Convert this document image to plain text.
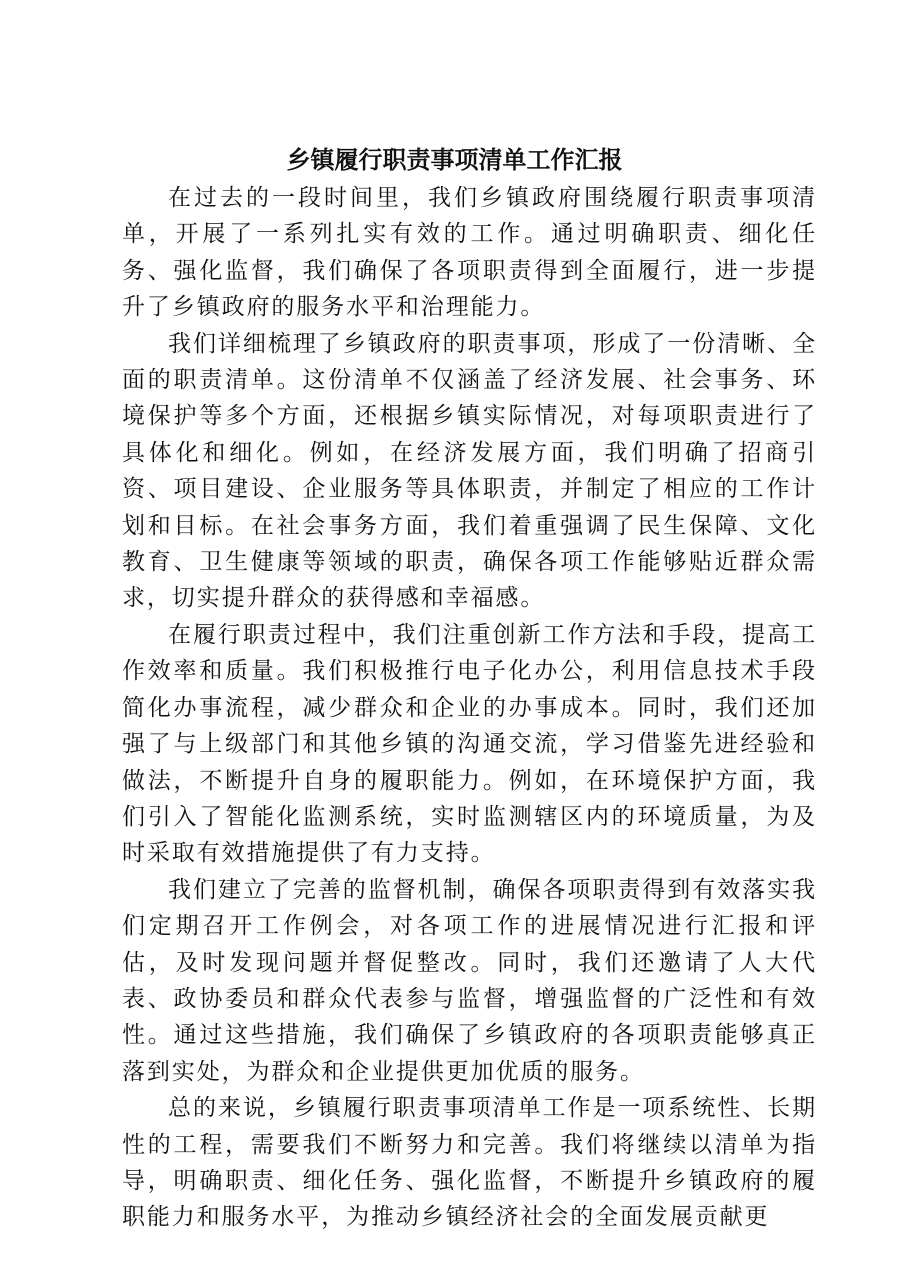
乡镇履行职责事项清单工作汇报

在过去的一段时间里，我们乡镇政府围绕履行职责事项清单，开展了一系列扎实有效的工作。通过明确职责、细化任务、强化监督，我们确保了各项职责得到全面履行，进一步提升了乡镇政府的服务水平和治理能力。

我们详细梳理了乡镇政府的职责事项，形成了一份清晰、全面的职责清单。这份清单不仅涵盖了经济发展、社会事务、环境保护等多个方面，还根据乡镇实际情况，对每项职责进行了具体化和细化。例如，在经济发展方面，我们明确了招商引资、项目建设、企业服务等具体职责，并制定了相应的工作计划和目标。在社会事务方面，我们着重强调了民生保障、文化教育、卫生健康等领域的职责，确保各项工作能够贴近群众需求，切实提升群众的获得感和幸福感。

在履行职责过程中，我们注重创新工作方法和手段，提高工作效率和质量。我们积极推行电子化办公，利用信息技术手段简化办事流程，减少群众和企业的办事成本。同时，我们还加强了与上级部门和其他乡镇的沟通交流，学习借鉴先进经验和做法，不断提升自身的履职能力。例如，在环境保护方面，我们引入了智能化监测系统，实时监测辖区内的环境质量，为及时采取有效措施提供了有力支持。

我们建立了完善的监督机制，确保各项职责得到有效落实我们定期召开工作例会，对各项工作的进展情况进行汇报和评估，及时发现问题并督促整改。同时，我们还邀请了人大代表、政协委员和群众代表参与监督，增强监督的广泛性和有效性。通过这些措施，我们确保了乡镇政府的各项职责能够真正落到实处，为群众和企业提供更加优质的服务。

总的来说，乡镇履行职责事项清单工作是一项系统性、长期性的工程，需要我们不断努力和完善。我们将继续以清单为指导，明确职责、细化任务、强化监督，不断提升乡镇政府的履职能力和服务水平，为推动乡镇经济社会的全面发展贡献更
